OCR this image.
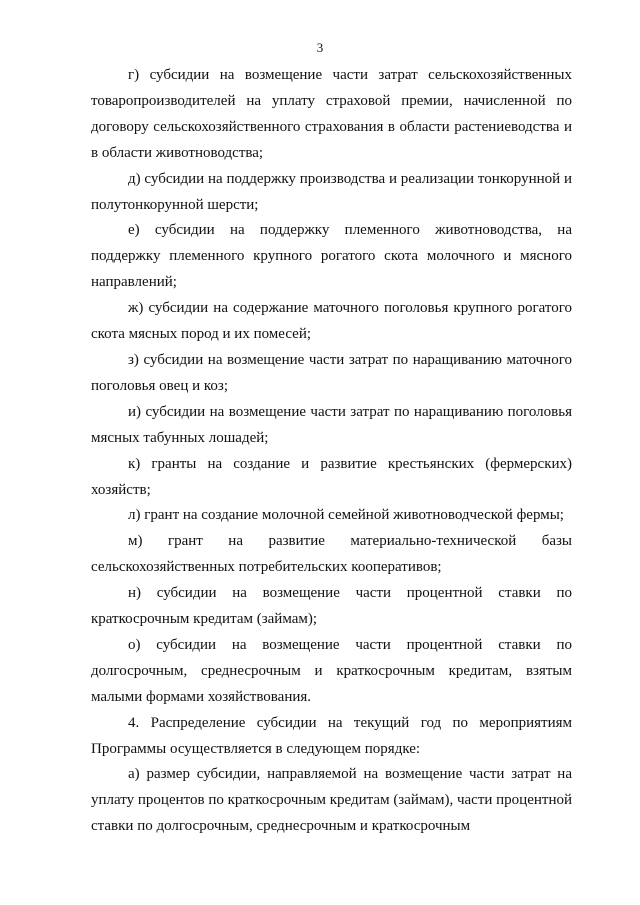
3

г) субсидии на возмещение части затрат сельскохозяйственных товаропроизводителей на уплату страховой премии, начисленной по договору сельскохозяйственного страхования в области растениеводства и в области животноводства;

д) субсидии на поддержку производства и реализации тонкорунной и полутонкорунной шерсти;

е) субсидии на поддержку племенного животноводства, на поддержку племенного крупного рогатого скота молочного и мясного направлений;

ж) субсидии на содержание маточного поголовья крупного рогатого скота мясных пород и их помесей;

з) субсидии на возмещение части затрат по наращиванию маточного поголовья овец и коз;

и) субсидии на возмещение части затрат по наращиванию поголовья мясных табунных лошадей;

к) гранты на создание и развитие крестьянских (фермерских) хозяйств;

л) грант на создание молочной семейной животноводческой фермы;

м) грант на развитие материально-технической базы сельскохозяйственных потребительских кооперативов;

н) субсидии на возмещение части процентной ставки по краткосрочным кредитам (займам);

о) субсидии на возмещение части процентной ставки по долгосрочным, среднесрочным и краткосрочным кредитам, взятым малыми формами хозяйствования.

4. Распределение субсидии на текущий год по мероприятиям Программы осуществляется в следующем порядке:

а) размер субсидии, направляемой на возмещение части затрат на уплату процентов по краткосрочным кредитам (займам), части процентной ставки по долгосрочным, среднесрочным и краткосрочным
